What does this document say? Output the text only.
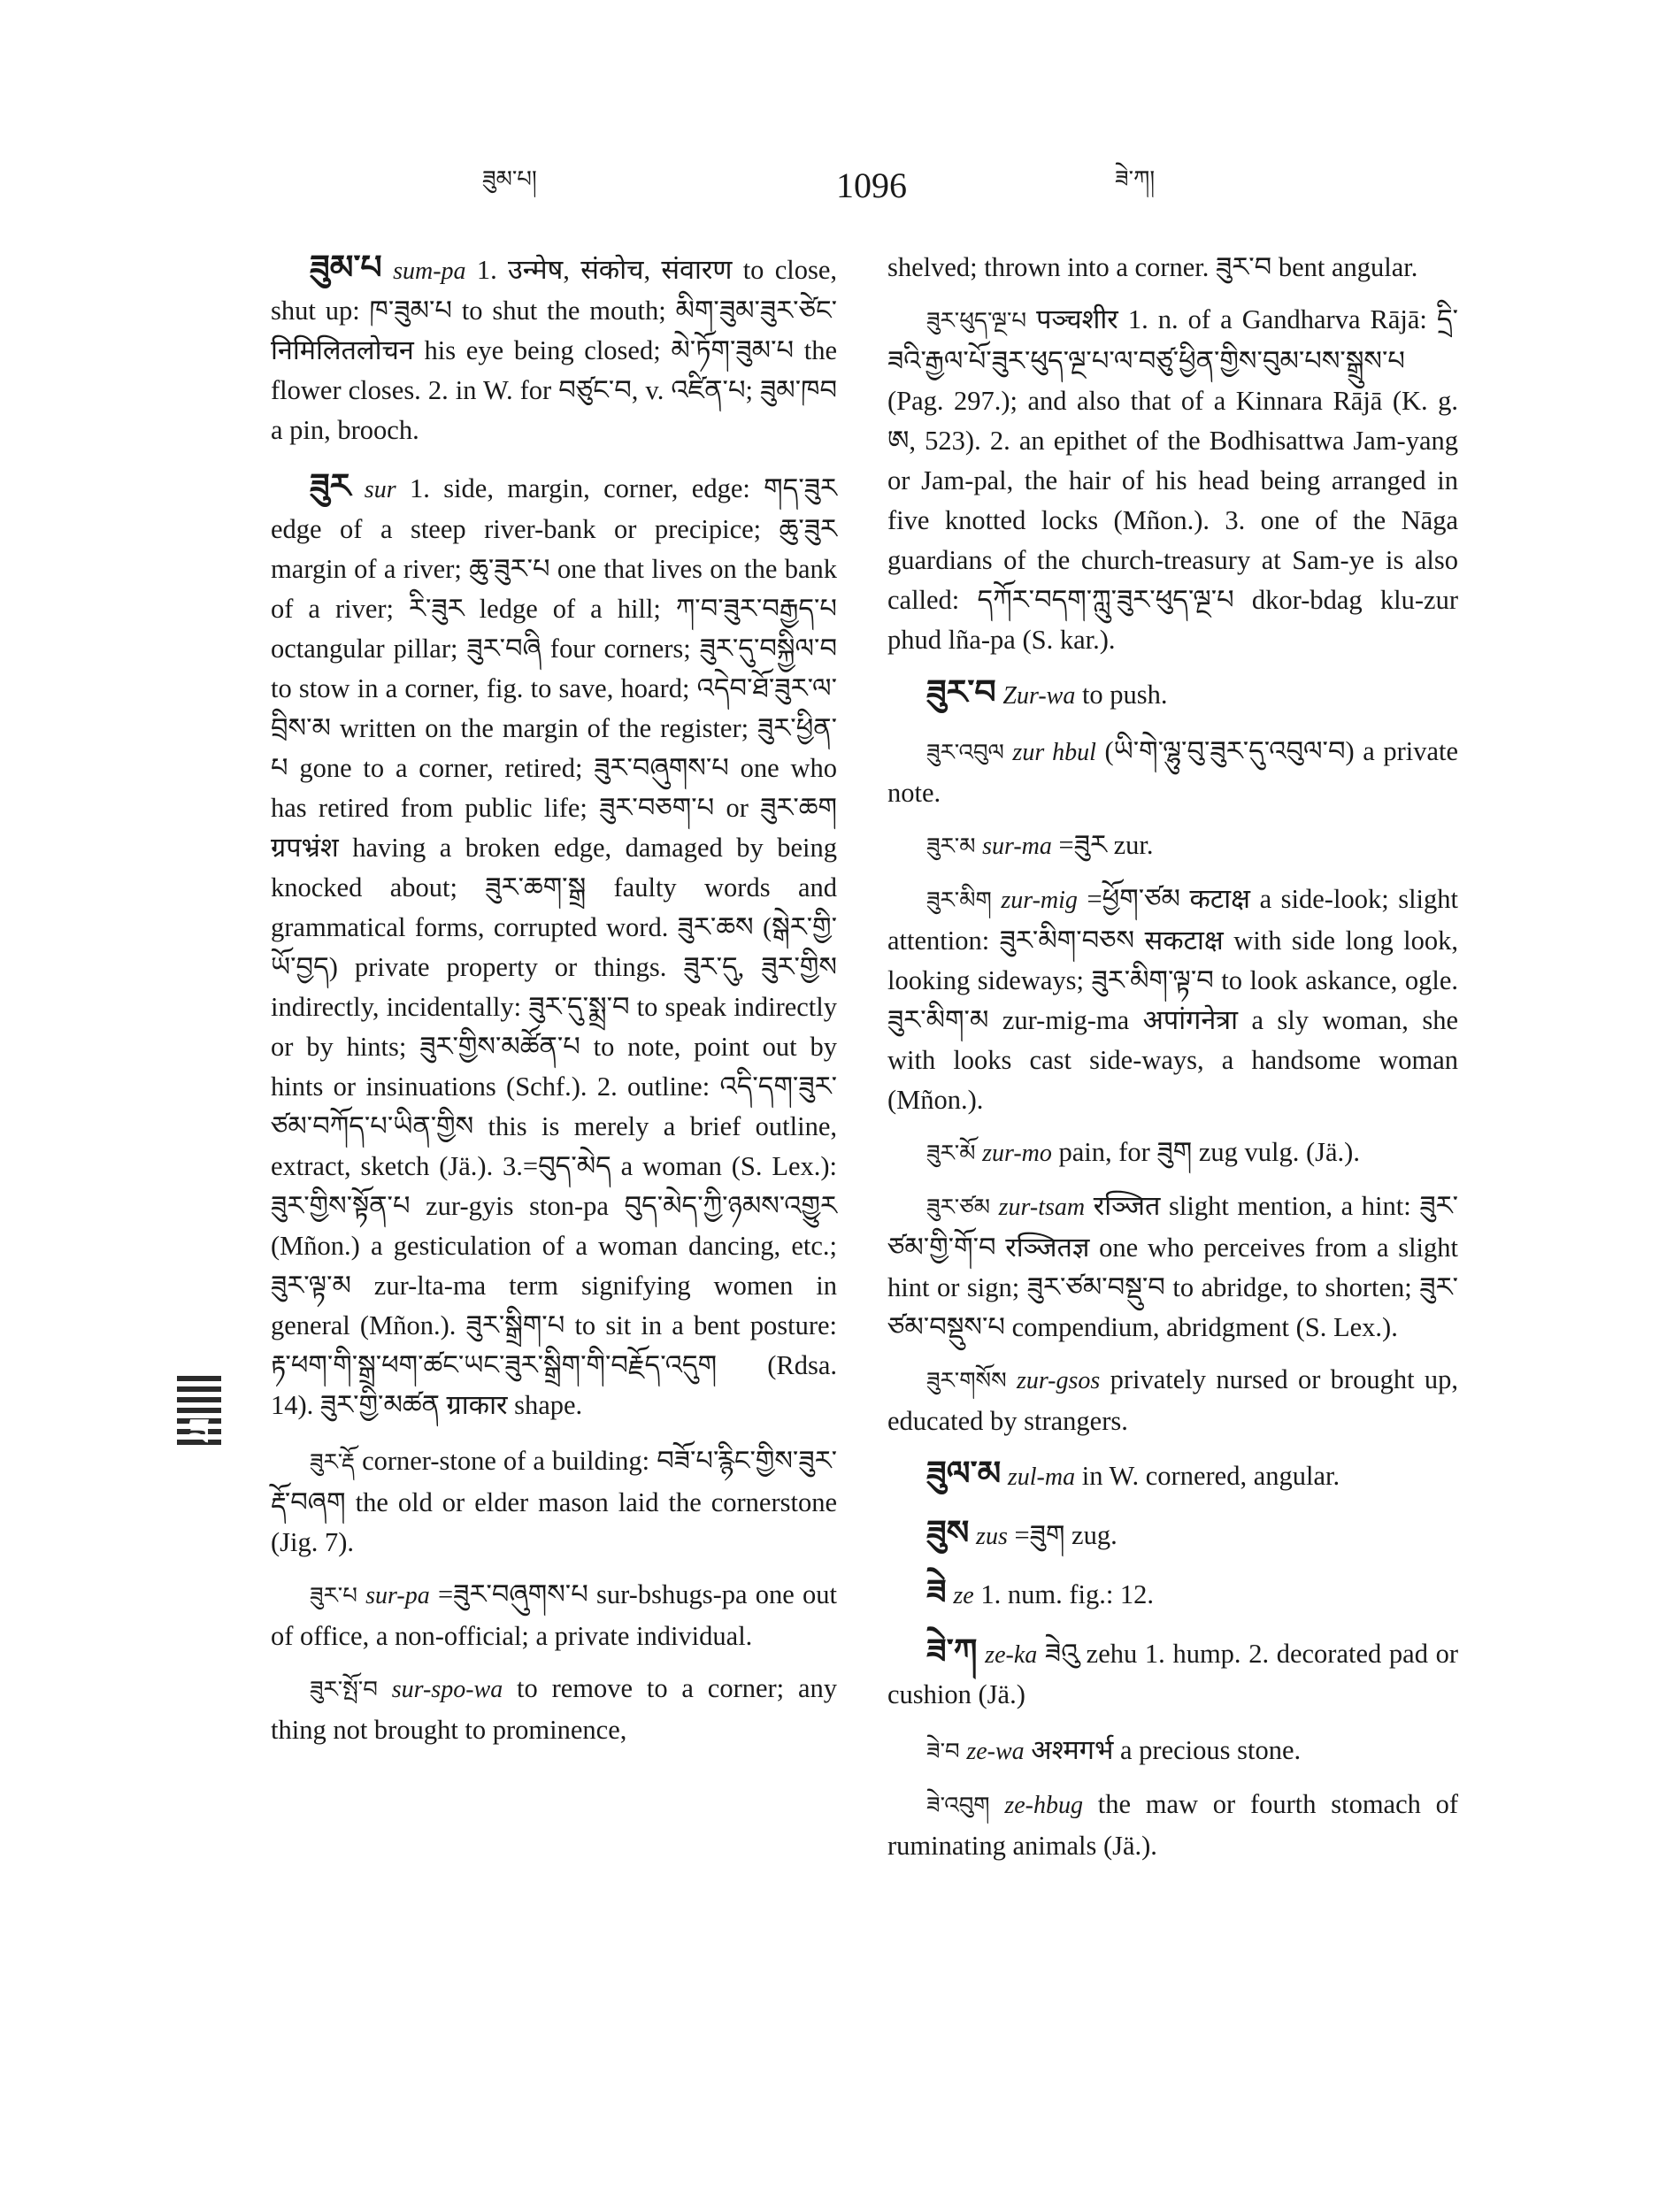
ཟུམ་པ།	1096	ཟེ་ཀ།
ཟ

ཟུམ་པ sum-pa 1. उन्मेष, संकोच, संवारण to close, shut up: ཁ་ཟུམ་པ to shut the mouth; མིག་ཟུམ་ཟུར་ཙེང་ निमिलितलोचन his eye being closed; མེ་ཏོག་ཟུམ་པ the flower closes. 2. in W. for བཙུང་བ, v. འཛིན་པ; ཟུམ་ཁབ a pin, brooch.

ཟུར sur 1. side, margin, corner, edge: གད་ཟུར edge of a steep river-bank or precipice; ཆུ་ཟུར margin of a river; ཆུ་ཟུར་པ one that lives on the bank of a river; རི་ཟུར ledge of a hill; ཀ་བ་ཟུར་བརྒྱད་པ octangular pillar; ཟུར་བཞི four corners; ཟུར་དུ་བསྐྱིལ་བ to stow in a corner, fig. to save, hoard; འདེབ་ཐོ་ཟུར་ལ་བྲིས་མ written on the margin of the register; ཟུར་ཕྱིན་པ gone to a corner, retired; ཟུར་བཞུགས་པ one who has retired from public life; ཟུར་བཅག་པ or ཟུར་ཆག ग्रपभ्रंश having a broken edge, damaged by being knocked about; ཟུར་ཆག་སྒྲ faulty words and grammatical forms, corrupted word. ཟུར་ཆས (སྒེར་གྱི་ཡོ་བྱད) private property or things. ཟུར་དུ, ཟུར་གྱིས indirectly, incidentally: ཟུར་དུ་སྨྲ་བ to speak indirectly or by hints; ཟུར་གྱིས་མཚོན་པ to note, point out by hints or insinuations (Schf.). 2. outline: འདི་དག་ཟུར་ཙམ་བཀོད་པ་ཡིན་གྱིས this is merely a brief outline, extract, sketch (Jä.). 3.=བུད་མེད a woman (S. Lex.): ཟུར་གྱིས་སྟོན་པ zur-gyis ston-pa བུད་མེད་ཀྱི་ཉམས་འགྱུར (Mñon.) a gesticulation of a woman dancing, etc.; ཟུར་ལྟ་མ zur-lta-ma term signifying women in general (Mñon.). ཟུར་སྒྲིག་པ to sit in a bent posture: རྟ་ཕག་གི་སྒྲ་ཕག་ཚང་ཡང་ཟུར་སྒྲིག་གི་བརྗོད་འདུག (Rdsa. 14). ཟུར་གྱི་མཚན ग्राकार shape.

ཟུར་རྡོ corner-stone of a building: བཟོ་པ་རྙིང་གྱིས་ཟུར་རྡོ་བཞག the old or elder mason laid the cornerstone (Jig. 7).

ཟུར་པ sur-pa =ཟུར་བཞུགས་པ sur-bshugs-pa one out of office, a non-official; a private individual.

ཟུར་སྤོ་བ sur-spo-wa to remove to a corner; any thing not brought to prominence,

shelved; thrown into a corner. ཟུར་བ bent angular.

ཟུར་ཕུད་ལྔ་པ पञ्चशीर 1. n. of a Gandharva Rājā: དྲི་ཟའི་རྒྱལ་པོ་ཟུར་ཕུད་ལྔ་པ་ལ་བཙུ་ཕྱིན་གྱིས་བུམ་པས་སྒྲུས་པ (Pag. 297.); and also that of a Kinnara Rājā (K. g. ཨ, 523). 2. an epithet of the Bodhisattwa Jam-yang or Jam-pal, the hair of his head being arranged in five knotted locks (Mñon.). 3. one of the Nāga guardians of the church-treasury at Sam-ye is also called: དཀོར་བདག་ཀླུ་ཟུར་ཕུད་ལྔ་པ dkor-bdag klu-zur phud lña-pa (S. kar.).

ཟུར་བ Zur-wa to push.

ཟུར་འབུལ zur hbul (ཡི་གེ་ལྷུ་བུ་ཟུར་དུ་འབུལ་བ) a private note.

ཟུར་མ sur-ma =ཟུར zur.

ཟུར་མིག zur-mig =ཕྱོག་ཙམ कटाक्ष a side-look; slight attention: ཟུར་མིག་བཅས सकटाक्ष with side long look, looking sideways; ཟུར་མིག་ལྟ་བ to look askance, ogle. ཟུར་མིག་མ zur-mig-ma अपांगनेत्रा a sly woman, she with looks cast side-ways, a handsome woman (Mñon.).

ཟུར་མོ zur-mo pain, for ཟུག zug vulg. (Jä.).

ཟུར་ཙམ zur-tsam रञ्जित slight mention, a hint: ཟུར་ཙམ་གྱི་གོ་བ रञ्जितज्ञ one who perceives from a slight hint or sign; ཟུར་ཙམ་བསྡུ་བ to abridge, to shorten; ཟུར་ཙམ་བསྡུས་པ compendium, abridgment (S. Lex.).

ཟུར་གསོས zur-gsos privately nursed or brought up, educated by strangers.

ཟུལ་མ zul-ma in W. cornered, angular.

ཟུས zus =ཟུག zug.

ཟེ ze 1. num. fig.: 12.

ཟེ་ཀ ze-ka ཟེའུ zehu 1. hump. 2. decorated pad or cushion (Jä.)

ཟེ་བ ze-wa अश्मगर्भ a precious stone.

ཟེ་འབུག ze-hbug the maw or fourth stomach of ruminating animals (Jä.).
